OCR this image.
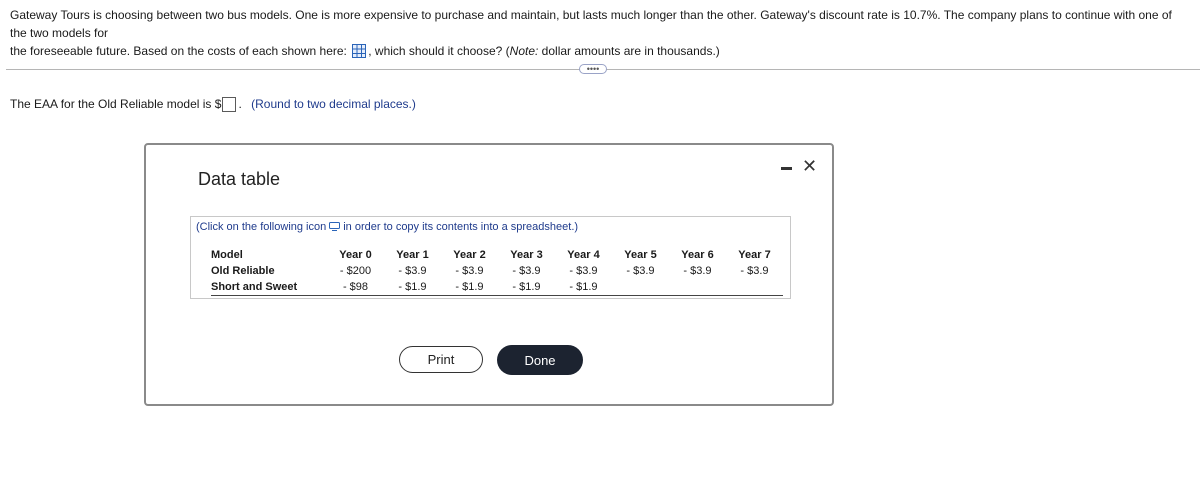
Gateway Tours is choosing between two bus models. One is more expensive to purchase and maintain, but lasts much longer than the other. Gateway's discount rate is 10.7%. The company plans to continue with one of the two models for
the foreseeable future. Based on the costs of each shown here: , which should it choose? (Note: dollar amounts are in thousands.)
••••
The EAA for the Old Reliable model is $ . (Round to two decimal places.)
Data table
✕
(Click on the following icon in order to copy its contents into a spreadsheet.)
Model	Year 0	Year 1	Year 2	Year 3	Year 4	Year 5	Year 6	Year 7
Old Reliable	- $200	- $3.9	- $3.9	- $3.9	- $3.9	- $3.9	- $3.9	- $3.9
Short and Sweet	- $98	- $1.9	- $1.9	- $1.9	- $1.9			
Print	Done
